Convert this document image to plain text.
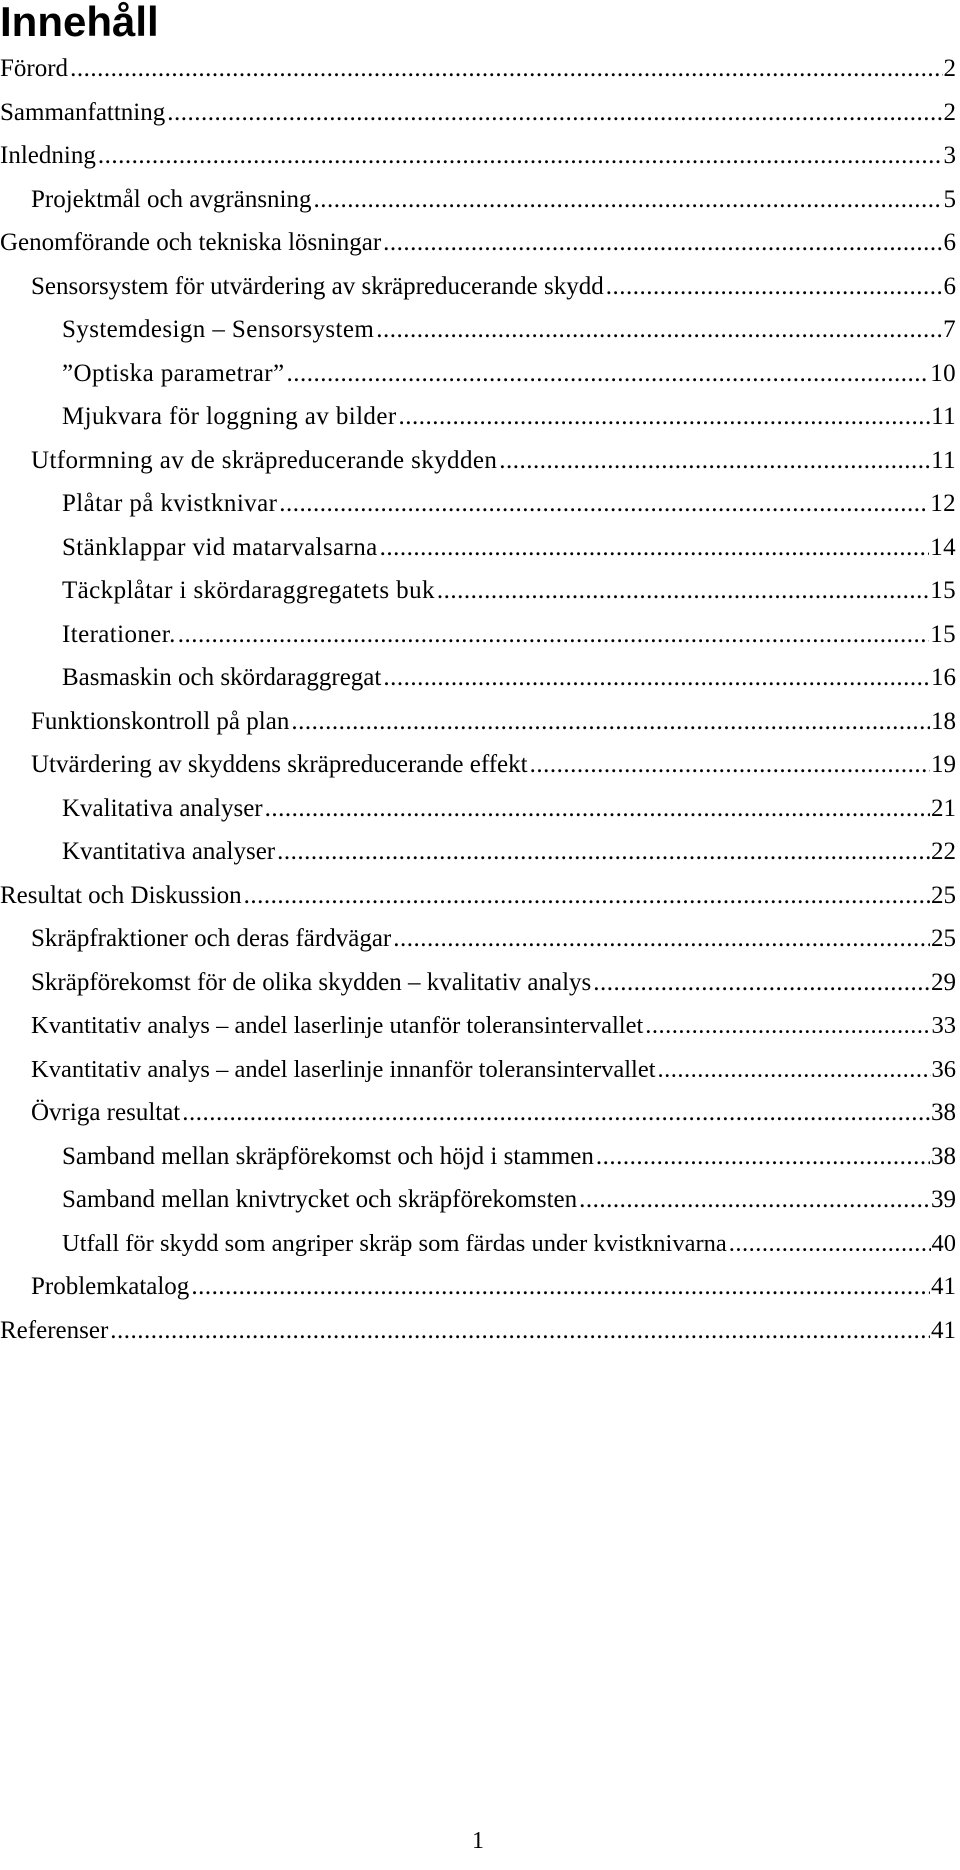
Innehåll
Förord .....	2
Sammanfattning .....	2
Inledning .....	3
Projektmål och avgränsning .....	5
Genomförande och tekniska lösningar .....	6
Sensorsystem för utvärdering av skräpreducerande skydd .....	6
Systemdesign – Sensorsystem .....	7
”Optiska parametrar” .....	10
Mjukvara för loggning av bilder .....	11
Utformning av de skräpreducerande skydden .....	11
Plåtar på kvistknivar .....	12
Stänklappar vid matarvalsarna .....	14
Täckplåtar i skördaraggregatets buk .....	15
Iterationer. .....	15
Basmaskin och skördaraggregat .....	16
Funktionskontroll på plan .....	18
Utvärdering av skyddens skräpreducerande effekt .....	19
Kvalitativa analyser .....	21
Kvantitativa analyser .....	22
Resultat och Diskussion .....	25
Skräpfraktioner och deras färdvägar .....	25
Skräpförekomst för de olika skydden – kvalitativ analys .....	29
Kvantitativ analys – andel laserlinje utanför toleransintervallet .....	33
Kvantitativ analys – andel laserlinje innanför toleransintervallet .....	36
Övriga resultat .....	38
Samband mellan skräpförekomst och höjd i stammen .....	38
Samband mellan knivtrycket och skräpförekomsten .....	39
Utfall för skydd som angriper skräp som färdas under kvistknivarna .....	40
Problemkatalog .....	41
Referenser .....	41
1
